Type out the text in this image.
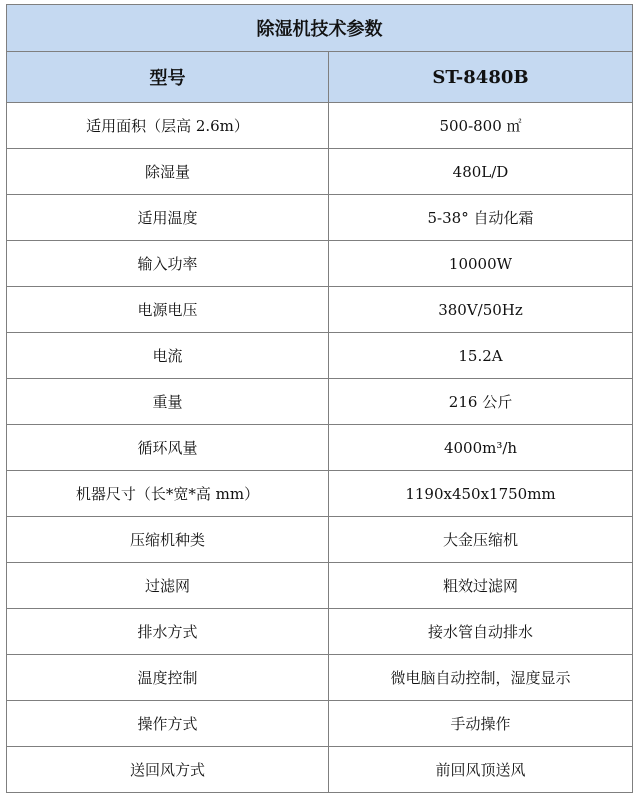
除湿机技术参数	
型号	ST-8480B
适用面积（层高 2.6m）	500-800 ㎡
除湿量	480L/D
适用温度	5-38° 自动化霜
输入功率	10000W
电源电压	380V/50Hz
电流	15.2A
重量	216 公斤
循环风量	4000m³/h
机器尺寸（长*宽*高 mm）	1190x450x1750mm
压缩机种类	大金压缩机
过滤网	粗效过滤网
排水方式	接水管自动排水
温度控制	微电脑自动控制，湿度显示
操作方式	手动操作
送回风方式	前回风顶送风
